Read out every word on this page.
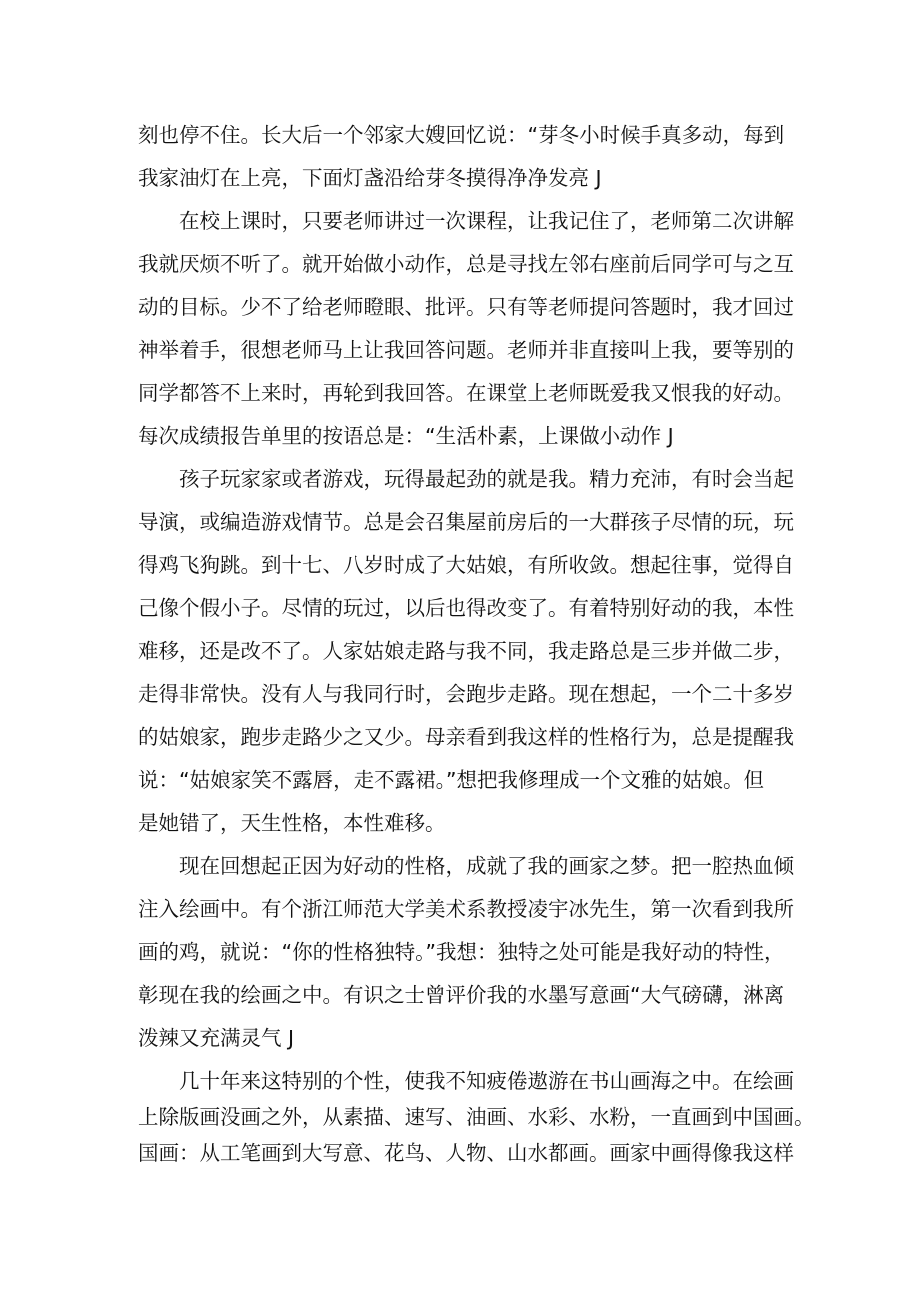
刻也停不住。长大后一个邻家大嫂回忆说：“芽冬小时候手真多动，每到
我家油灯在上亮，下面灯盏沿给芽冬摸得净净发亮 J
在校上课时，只要老师讲过一次课程，让我记住了，老师第二次讲解
我就厌烦不听了。就开始做小动作，总是寻找左邻右座前后同学可与之互
动的目标。少不了给老师瞪眼、批评。只有等老师提问答题时，我才回过
神举着手，很想老师马上让我回答问题。老师并非直接叫上我，要等别的
同学都答不上来时，再轮到我回答。在课堂上老师既爱我又恨我的好动。
每次成绩报告单里的按语总是：“生活朴素，上课做小动作 J
孩子玩家家或者游戏，玩得最起劲的就是我。精力充沛，有时会当起
导演，或编造游戏情节。总是会召集屋前房后的一大群孩子尽情的玩，玩
得鸡飞狗跳。到十七、八岁时成了大姑娘，有所收敛。想起往事，觉得自
己像个假小子。尽情的玩过，以后也得改变了。有着特别好动的我，本性
难移，还是改不了。人家姑娘走路与我不同，我走路总是三步并做二步，
走得非常快。没有人与我同行时，会跑步走路。现在想起，一个二十多岁
的姑娘家，跑步走路少之又少。母亲看到我这样的性格行为，总是提醒我
说：“姑娘家笑不露唇，走不露裙。”想把我修理成一个文雅的姑娘。但
是她错了，天生性格，本性难移。
现在回想起正因为好动的性格，成就了我的画家之梦。把一腔热血倾
注入绘画中。有个浙江师范大学美术系教授凌宇冰先生，第一次看到我所
画的鸡，就说：“你的性格独特。”我想：独特之处可能是我好动的特性，
彰现在我的绘画之中。有识之士曾评价我的水墨写意画“大气磅礴，淋离
泼辣又充满灵气 J
几十年来这特别的个性，使我不知疲倦遨游在书山画海之中。在绘画
上除版画没画之外，从素描、速写、油画、水彩、水粉，一直画到中国画。
国画：从工笔画到大写意、花鸟、人物、山水都画。画家中画得像我这样
